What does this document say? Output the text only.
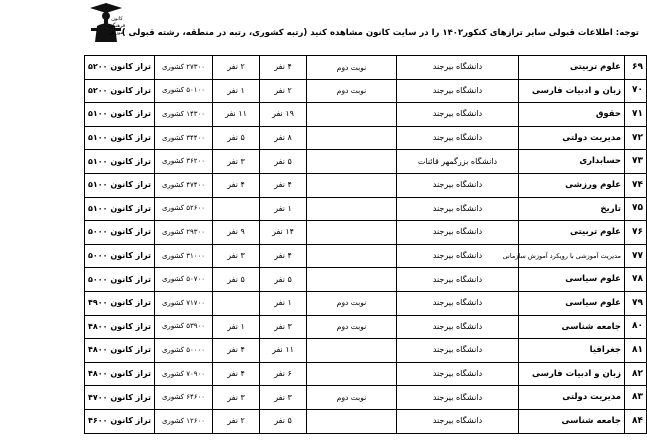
کانون
فرهنگی
آموزش
توجه: اطلاعات قبولی سایر ترازهای کنکور۱۴۰۲ را در سایت کانون مشاهده کنید (رتبه کشوری، رتبه در منطقه، رشته قبولی )
۶۹	علوم تربیتی	دانشگاه بیرجند	نوبت دوم	۴ نفر	۲ نفر	۲۷۳۰۰ کشوری	تراز کانون ۵۲۰۰
۷۰	زبان و ادبیات فارسی	دانشگاه بیرجند	نوبت دوم	۲ نفر	۱ نفر	۵۰۱۰۰ کشوری	تراز کانون ۵۲۰۰
۷۱	حقوق	دانشگاه بیرجند		۱۹ نفر	۱۱ نفر	۱۴۳۰۰ کشوری	تراز کانون ۵۱۰۰
۷۲	مدیریت دولتی	دانشگاه بیرجند		۸ نفر	۵ نفر	۳۴۴۰۰ کشوری	تراز کانون ۵۱۰۰
۷۳	حسابداری	دانشگاه بزرگمهر قائنات		۵ نفر	۳ نفر	۳۶۲۰۰ کشوری	تراز کانون ۵۱۰۰
۷۴	علوم ورزشی	دانشگاه بیرجند		۴ نفر	۴ نفر	۴۷۴۰۰ کشوری	تراز کانون ۵۱۰۰
۷۵	تاریخ	دانشگاه بیرجند		۱ نفر		۵۲۶۰۰ کشوری	تراز کانون ۵۱۰۰
۷۶	علوم تربیتی	دانشگاه بیرجند		۱۴ نفر	۹ نفر	۲۹۳۰۰ کشوری	تراز کانون ۵۰۰۰
۷۷	مدیریت آموزشی با رویکرد آموزش سازمانی	دانشگاه بیرجند		۴ نفر	۳ نفر	۳۱۰۰۰ کشوری	تراز کانون ۵۰۰۰
۷۸	علوم سیاسی	دانشگاه بیرجند		۵ نفر	۵ نفر	۵۰۷۰۰ کشوری	تراز کانون ۵۰۰۰
۷۹	علوم سیاسی	دانشگاه بیرجند	نوبت دوم	۱ نفر		۷۱۷۰۰ کشوری	تراز کانون ۴۹۰۰
۸۰	جامعه شناسی	دانشگاه بیرجند	نوبت دوم	۳ نفر	۱ نفر	۵۳۹۰۰ کشوری	تراز کانون ۴۸۰۰
۸۱	جغرافیا	دانشگاه بیرجند		۱۱ نفر	۴ نفر	۵۰۰۰۰ کشوری	تراز کانون ۴۸۰۰
۸۲	زبان و ادبیات فارسی	دانشگاه بیرجند		۶ نفر	۴ نفر	۷۰۹۰۰ کشوری	تراز کانون ۴۸۰۰
۸۳	مدیریت دولتی	دانشگاه بیرجند	نوبت دوم	۳ نفر	۳ نفر	۶۴۶۰۰ کشوری	تراز کانون ۴۷۰۰
۸۴	جامعه شناسی	دانشگاه بیرجند		۵ نفر	۲ نفر	۱۲۶۰۰ کشوری	تراز کانون ۴۶۰۰
